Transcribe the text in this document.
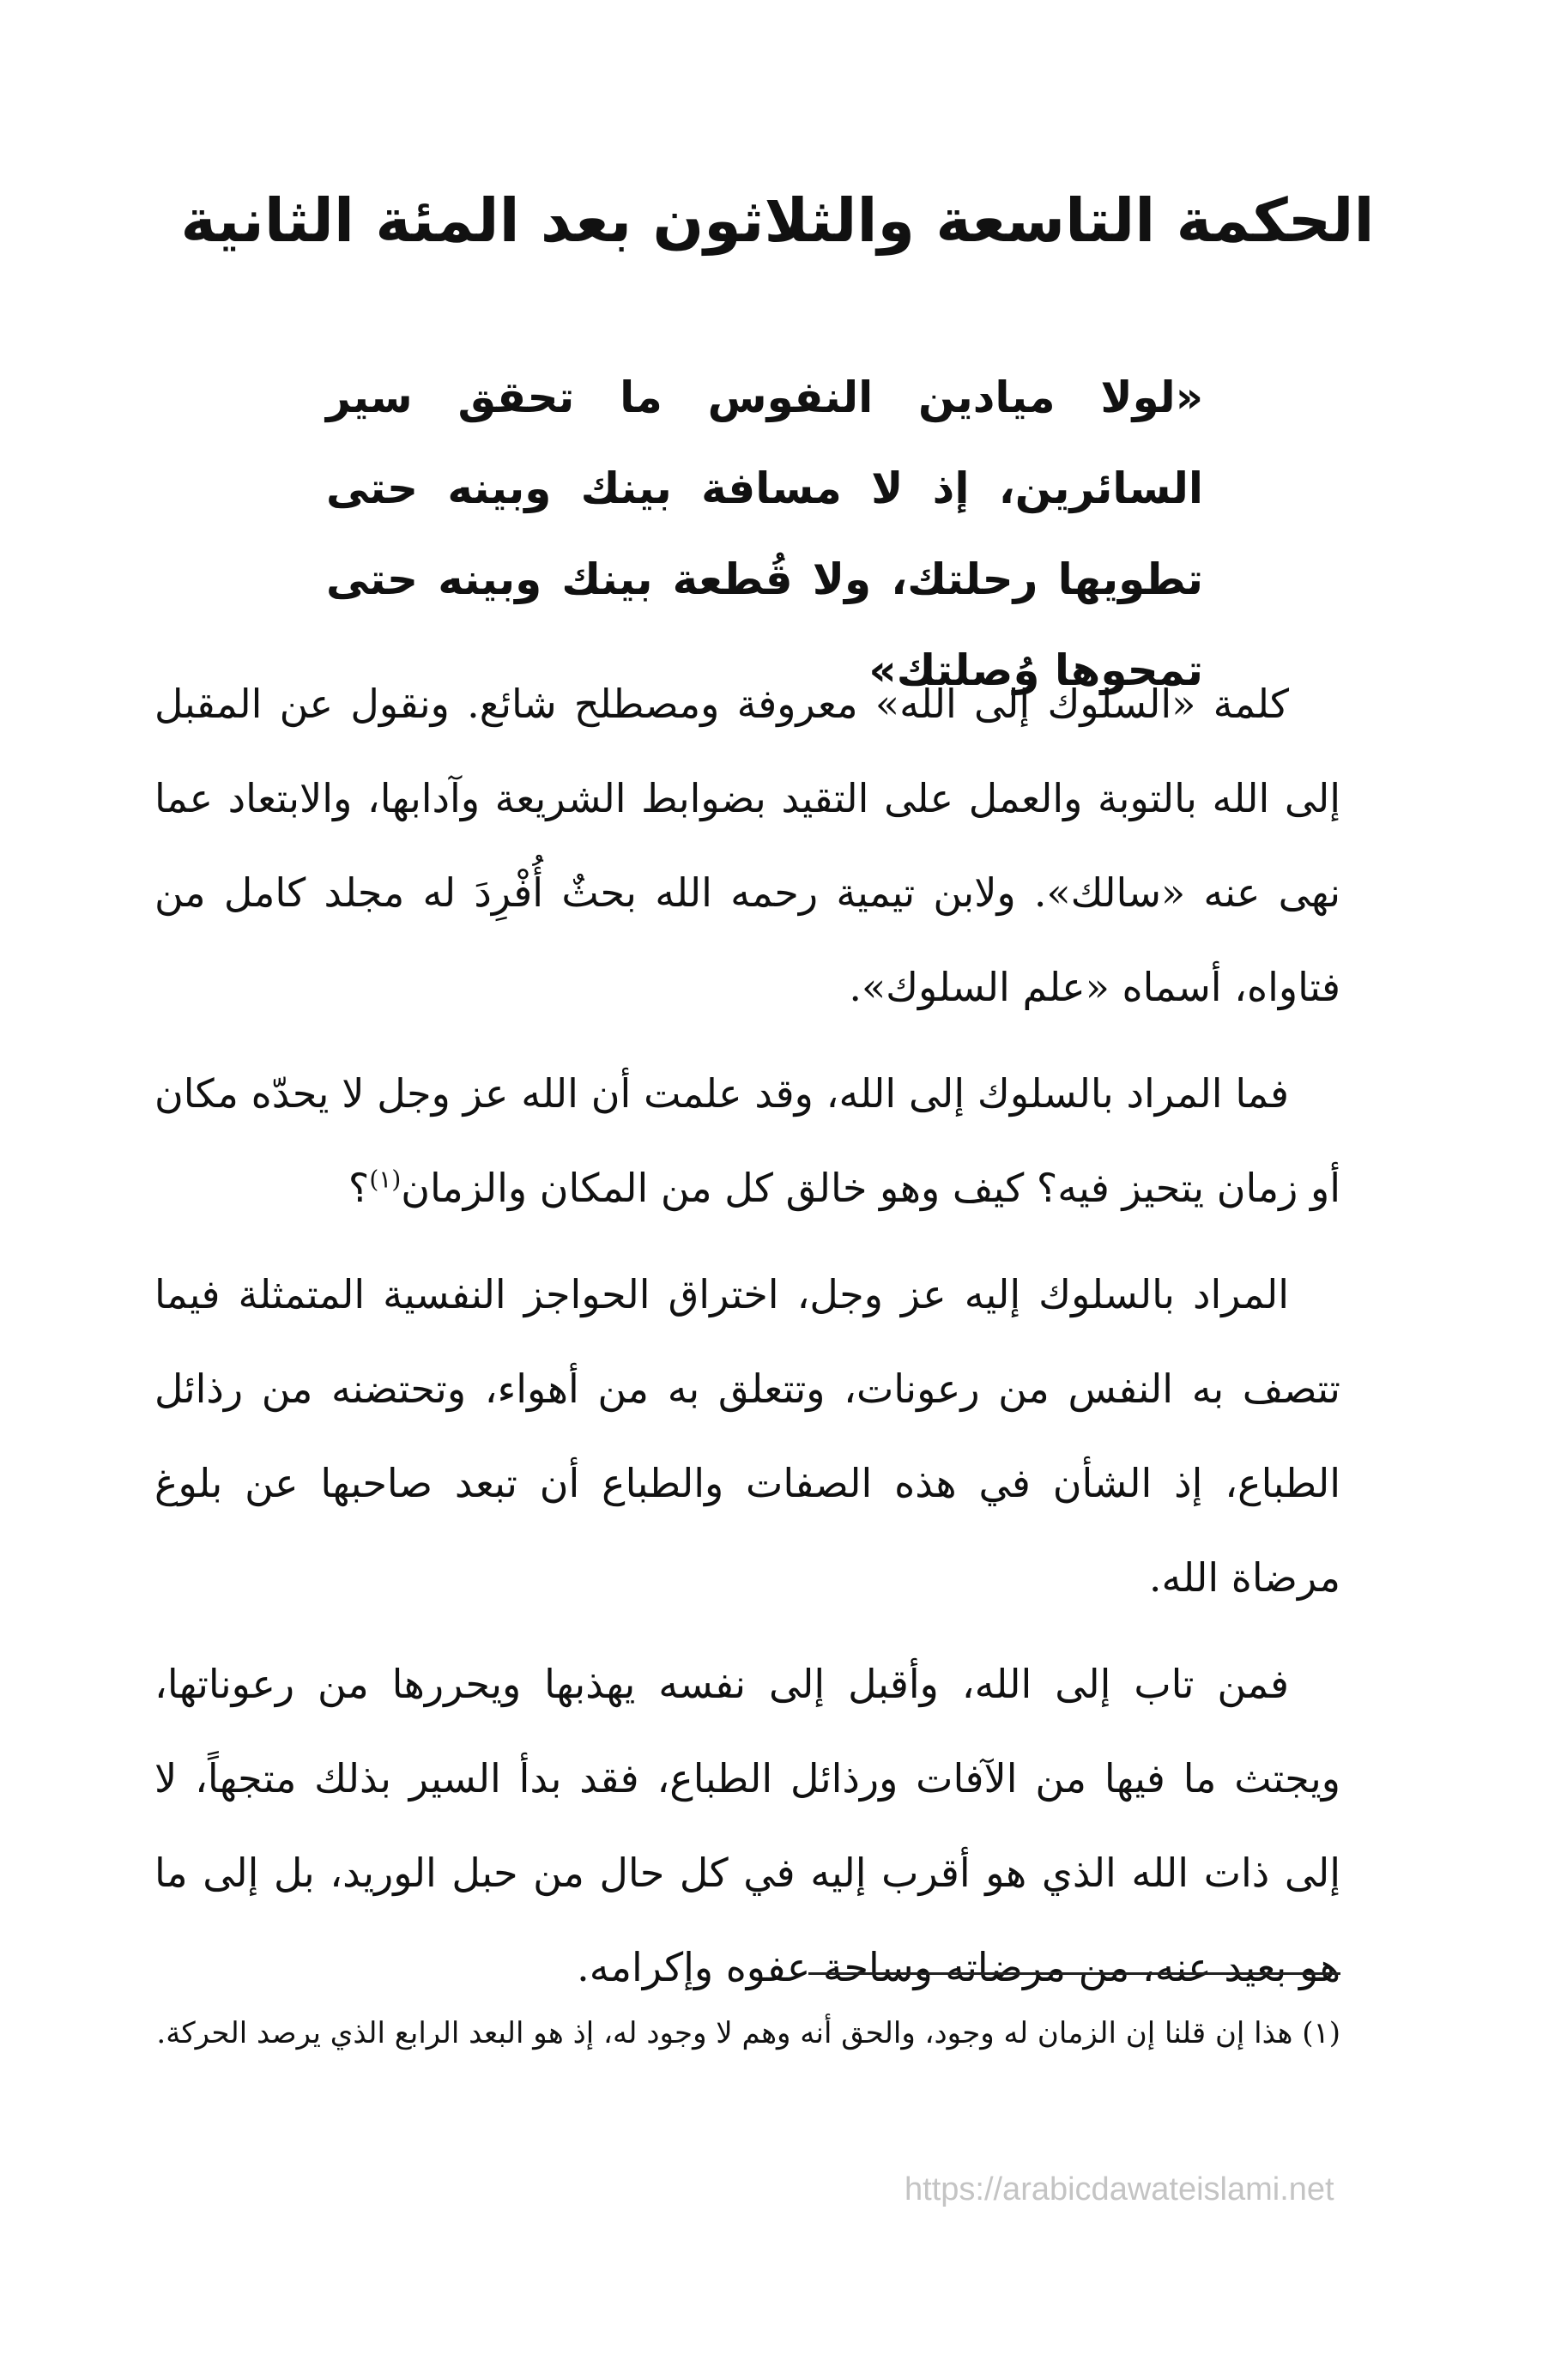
الحكمة التاسعة والثلاثون بعد المئة الثانية

«لولا ميادين النفوس ما تحقق سير السائرين، إذ لا مسافة بينك وبينه حتى تطويها رحلتك، ولا قُطعة بينك وبينه حتى تمحوها وُصلتك»

كلمة «السلوك إلى الله» معروفة ومصطلح شائع. ونقول عن المقبل إلى الله بالتوبة والعمل على التقيد بضوابط الشريعة وآدابها، والابتعاد عما نهى عنه «سالك». ولابن تيمية رحمه الله بحثٌ أُفْرِدَ له مجلد كامل من فتاواه، أسماه «علم السلوك».

فما المراد بالسلوك إلى الله، وقد علمت أن الله عز وجل لا يحدّه مكان أو زمان يتحيز فيه؟ كيف وهو خالق كل من المكان والزمان$^{(١)}$؟

المراد بالسلوك إليه عز وجل، اختراق الحواجز النفسية المتمثلة فيما تتصف به النفس من رعونات، وتتعلق به من أهواء، وتحتضنه من رذائل الطباع، إذ الشأن في هذه الصفات والطباع أن تبعد صاحبها عن بلوغ مرضاة الله.

فمن تاب إلى الله، وأقبل إلى نفسه يهذبها ويحررها من رعوناتها، ويجتث ما فيها من الآفات ورذائل الطباع، فقد بدأ السير بذلك متجهاً، لا إلى ذات الله الذي هو أقرب إليه في كل حال من حبل الوريد، بل إلى ما هو بعيد عنه، من مرضاته وساحة عفوه وإكرامه.

(١) هذا إن قلنا إن الزمان له وجود، والحق أنه وهم لا وجود له، إذ هو البعد الرابع الذي يرصد الحركة.

https://arabicdawateislami.net
